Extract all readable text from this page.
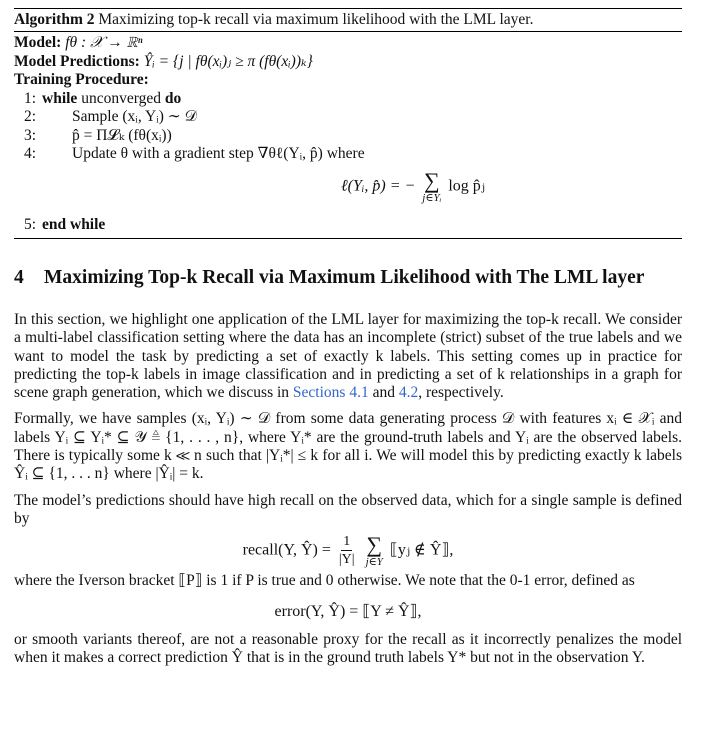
Algorithm 2 Maximizing top-k recall via maximum likelihood with the LML layer.
Model: fθ : 𝒳 → ℝⁿ
Model Predictions: Ŷᵢ = {j | fθ(xᵢ)ⱼ ≥ π (fθ(xᵢ))ₖ}
Training Procedure:
1: while unconverged do
2:	Sample (xᵢ, Yᵢ) ∼ 𝒟
3:	p̂ = Π𝓛ₖ (fθ(xᵢ))
4:	Update θ with a gradient step ∇θℓ(Yᵢ, p̂) where
ℓ(Yᵢ, p̂) = − ∑
j∈Yᵢ
log p̂ⱼ
5: end while
4 Maximizing Top-k Recall via Maximum Likelihood with The LML layer

In this section, we highlight one application of the LML layer for maximizing the top-k recall. We consider a multi-label classification setting where the data has an incomplete (strict) subset of the true labels and we want to model the task by predicting a set of exactly k labels. This setting comes up in practice for predicting the top-k labels in image classification and in predicting a set of k relationships in a graph for scene graph generation, which we discuss in Sections 4.1 and 4.2, respectively.

Formally, we have samples (xᵢ, Yᵢ) ∼ 𝒟 from some data generating process 𝒟 with features xᵢ ∈ 𝒳ᵢ and labels Yᵢ ⊆ Yᵢ* ⊆ 𝒴 ≜ {1, . . . , n}, where Yᵢ* are the ground-truth labels and Yᵢ are the observed labels. There is typically some k ≪ n such that |Yᵢ*| ≤ k for all i. We will model this by predicting exactly k labels Ŷᵢ ⊆ {1, . . . n} where |Ŷᵢ| = k.

The model’s predictions should have high recall on the observed data, which for a single sample is defined by

recall(Y, Ŷ) = $\frac{1}{|Y|}$
∑
j∈Y
⟦yⱼ ∉ Ŷ⟧,

where the Iverson bracket ⟦P⟧ is 1 if P is true and 0 otherwise. We note that the 0-1 error, defined as

error(Y, Ŷ) = ⟦Y ≠ Ŷ⟧,

or smooth variants thereof, are not a reasonable proxy for the recall as it incorrectly penalizes the model when it makes a correct prediction Ŷ that is in the ground truth labels Y* but not in the observation Y.
